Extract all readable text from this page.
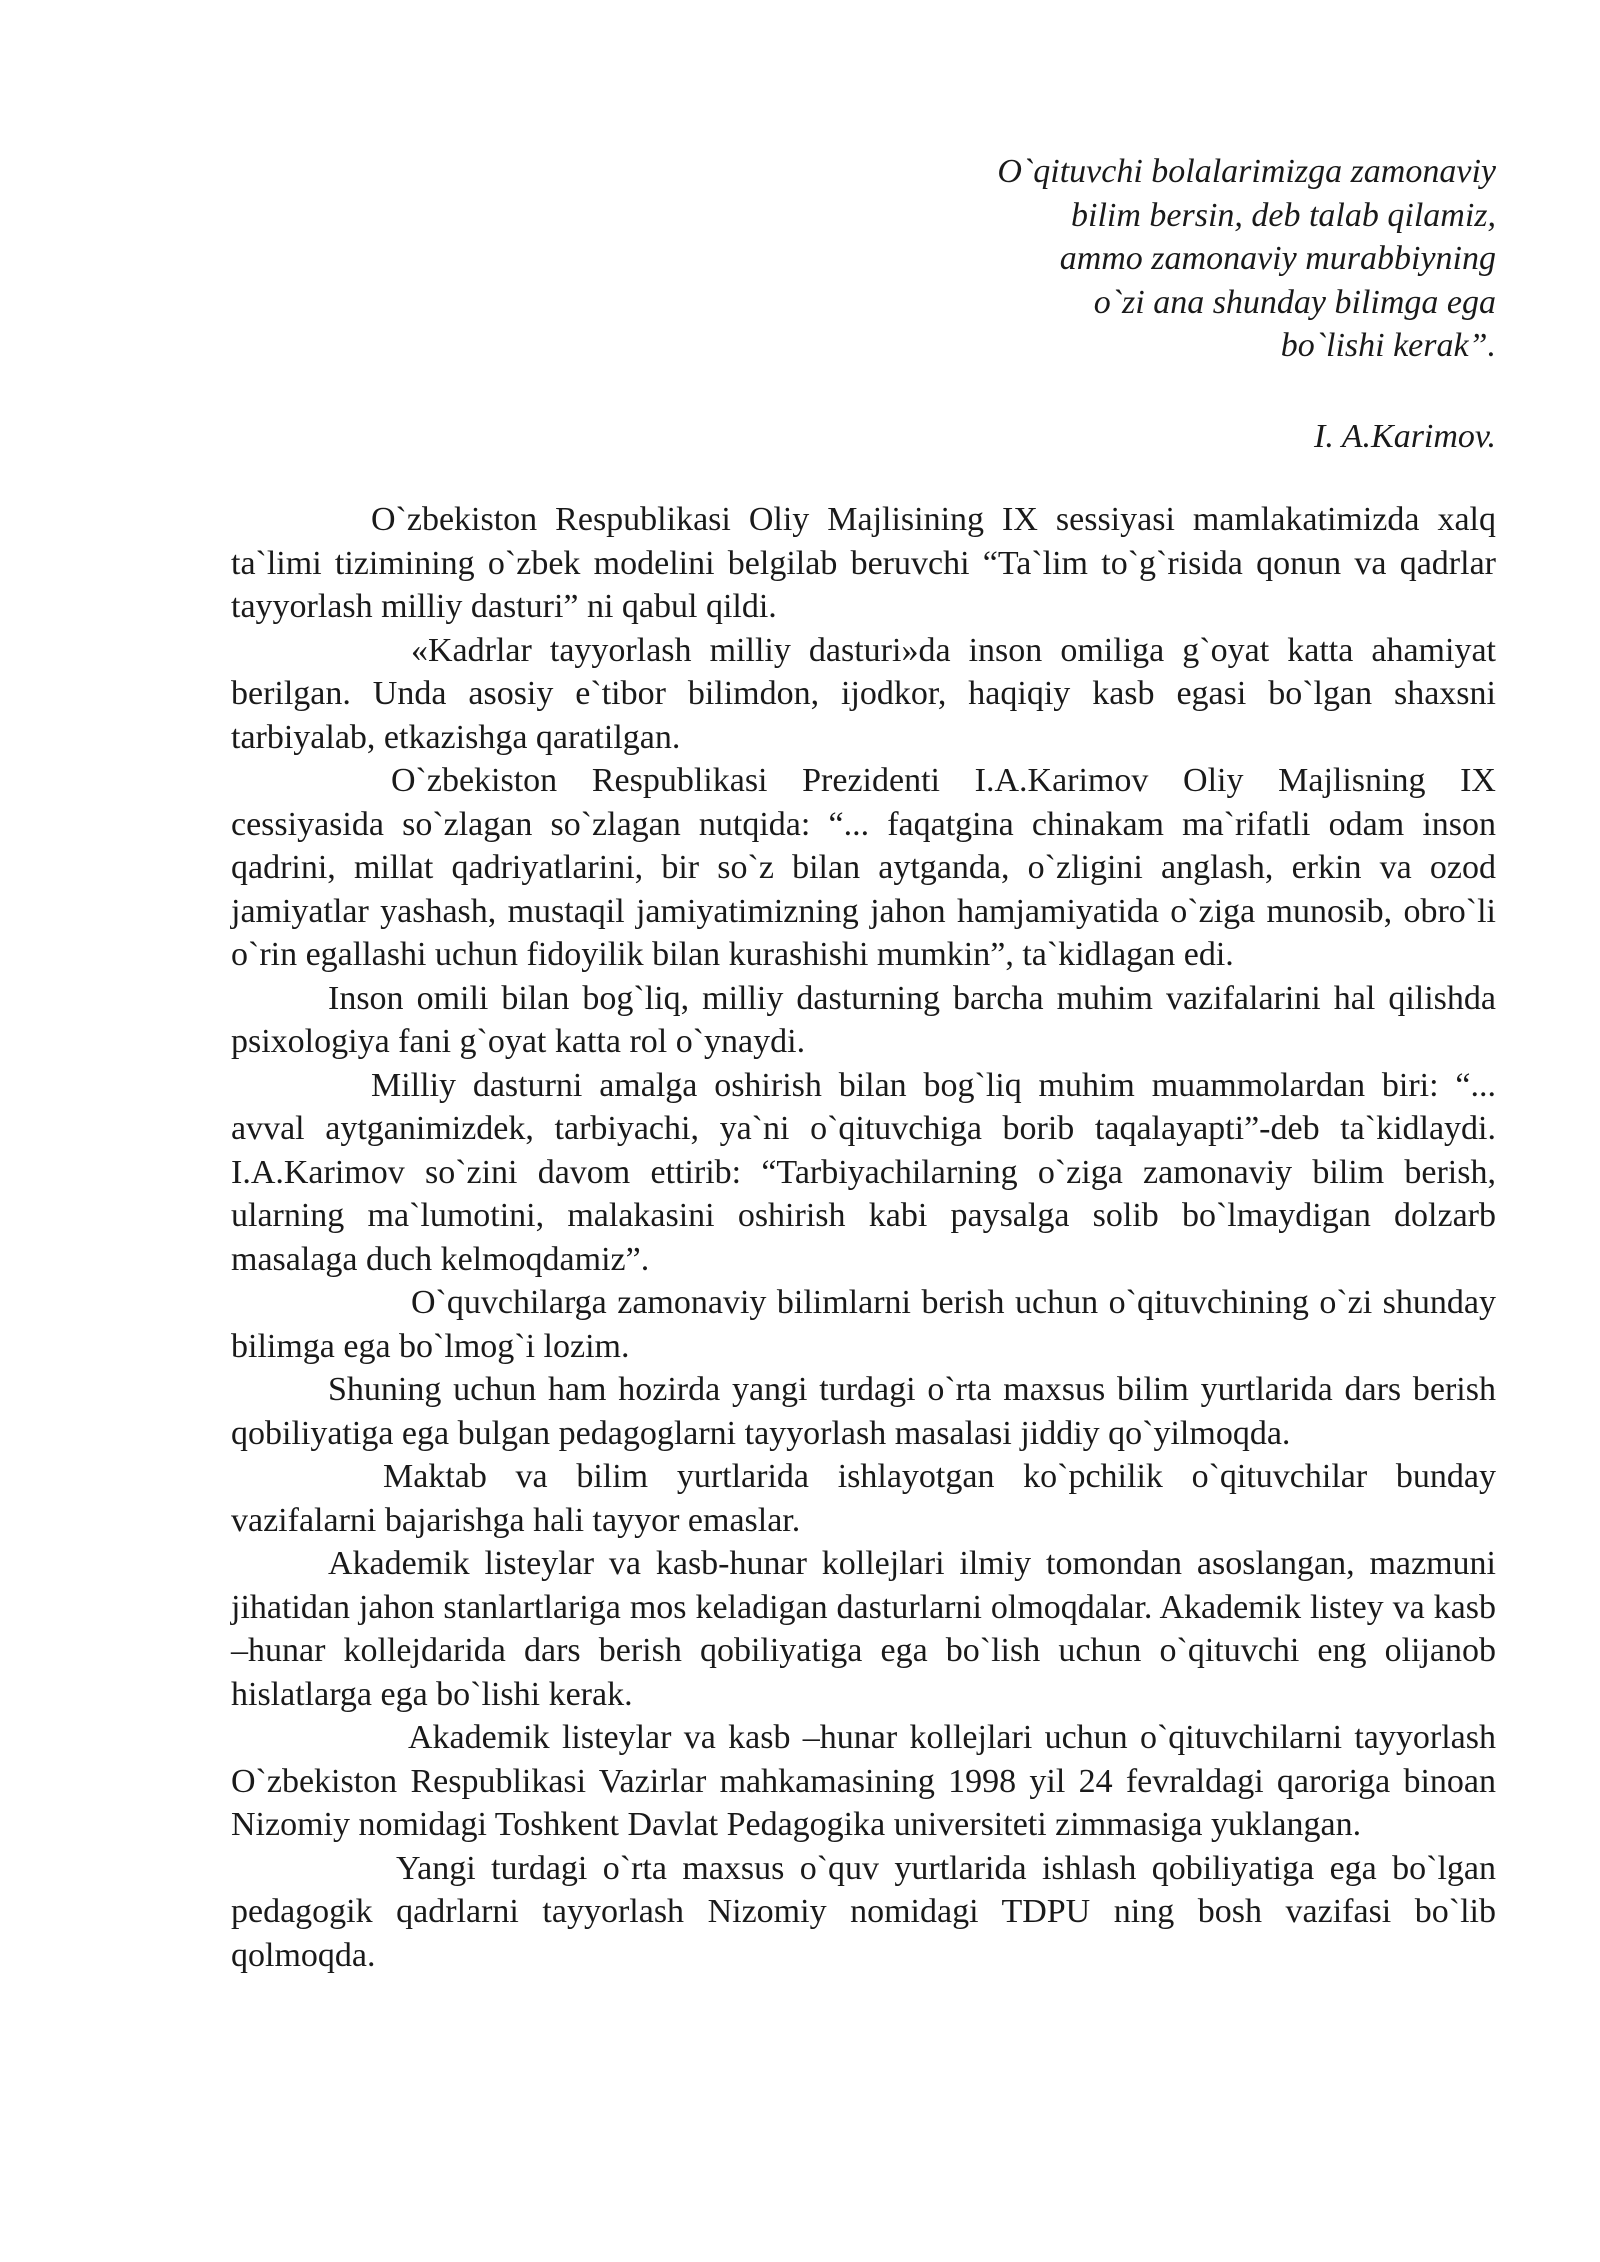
O`qituvchi bolalarimizga zamonaviy
bilim bersin, deb talab qilamiz,
ammo zamonaviy murabbiyning
o`zi ana shunday bilimga ega
bo`lishi kerak”.
I. A.Karimov.

O`zbekiston Respublikasi Oliy Majlisining IX sessiyasi mamlakatimizda xalq ta`limi tizimining o`zbek modelini belgilab beruvchi “Ta`lim to`g`risida qonun va qadrlar tayyorlash milliy dasturi” ni qabul qildi.

«Kadrlar tayyorlash milliy dasturi»da inson omiliga g`oyat katta ahamiyat berilgan. Unda asosiy e`tibor bilimdon, ijodkor, haqiqiy kasb egasi bo`lgan shaxsni tarbiyalab, etkazishga qaratilgan.

O`zbekiston Respublikasi Prezidenti I.A.Karimov Oliy Majlisning IX cessiyasida so`zlagan so`zlagan nutqida: “... faqatgina chinakam ma`rifatli odam inson qadrini, millat qadriyatlarini, bir so`z bilan aytganda, o`zligini anglash, erkin va ozod jamiyatlar yashash, mustaqil jamiyatimizning jahon hamjamiyatida o`ziga munosib, obro`li o`rin egallashi uchun fidoyilik bilan kurashishi mumkin”, ta`kidlagan edi.

Inson omili bilan bog`liq, milliy dasturning barcha muhim vazifalarini hal qilishda psixologiya fani g`oyat katta rol o`ynaydi.

Milliy dasturni amalga oshirish bilan bog`liq muhim muammolardan biri: “... avval aytganimizdek, tarbiyachi, ya`ni o`qituvchiga borib taqalayapti”-deb ta`kidlaydi. I.A.Karimov so`zini davom ettirib: “Tarbiyachilarning o`ziga zamonaviy bilim berish, ularning ma`lumotini, malakasini oshirish kabi paysalga solib bo`lmaydigan dolzarb masalaga duch kelmoqdamiz”.

O`quvchilarga zamonaviy bilimlarni berish uchun o`qituvchining o`zi shunday bilimga ega bo`lmog`i lozim.

Shuning uchun ham hozirda yangi turdagi o`rta maxsus bilim yurtlarida dars berish qobiliyatiga ega bulgan pedagoglarni tayyorlash masalasi jiddiy qo`yilmoqda.

Maktab va bilim yurtlarida ishlayotgan ko`pchilik o`qituvchilar bunday vazifalarni bajarishga hali tayyor emaslar.

Akademik listeylar va kasb-hunar kollejlari ilmiy tomondan asoslangan, mazmuni jihatidan jahon stanlartlariga mos keladigan dasturlarni olmoqdalar. Akademik listey va kasb –hunar kollejdarida dars berish qobiliyatiga ega bo`lish uchun o`qituvchi eng olijanob hislatlarga ega bo`lishi kerak.

Akademik listeylar va kasb –hunar kollejlari uchun o`qituvchilarni tayyorlash O`zbekiston Respublikasi Vazirlar mahkamasining 1998 yil 24 fevraldagi qaroriga binoan Nizomiy nomidagi Toshkent Davlat Pedagogika universiteti zimmasiga yuklangan.

Yangi turdagi o`rta maxsus o`quv yurtlarida ishlash qobiliyatiga ega bo`lgan pedagogik qadrlarni tayyorlash Nizomiy nomidagi TDPU ning bosh vazifasi bo`lib qolmoqda.
